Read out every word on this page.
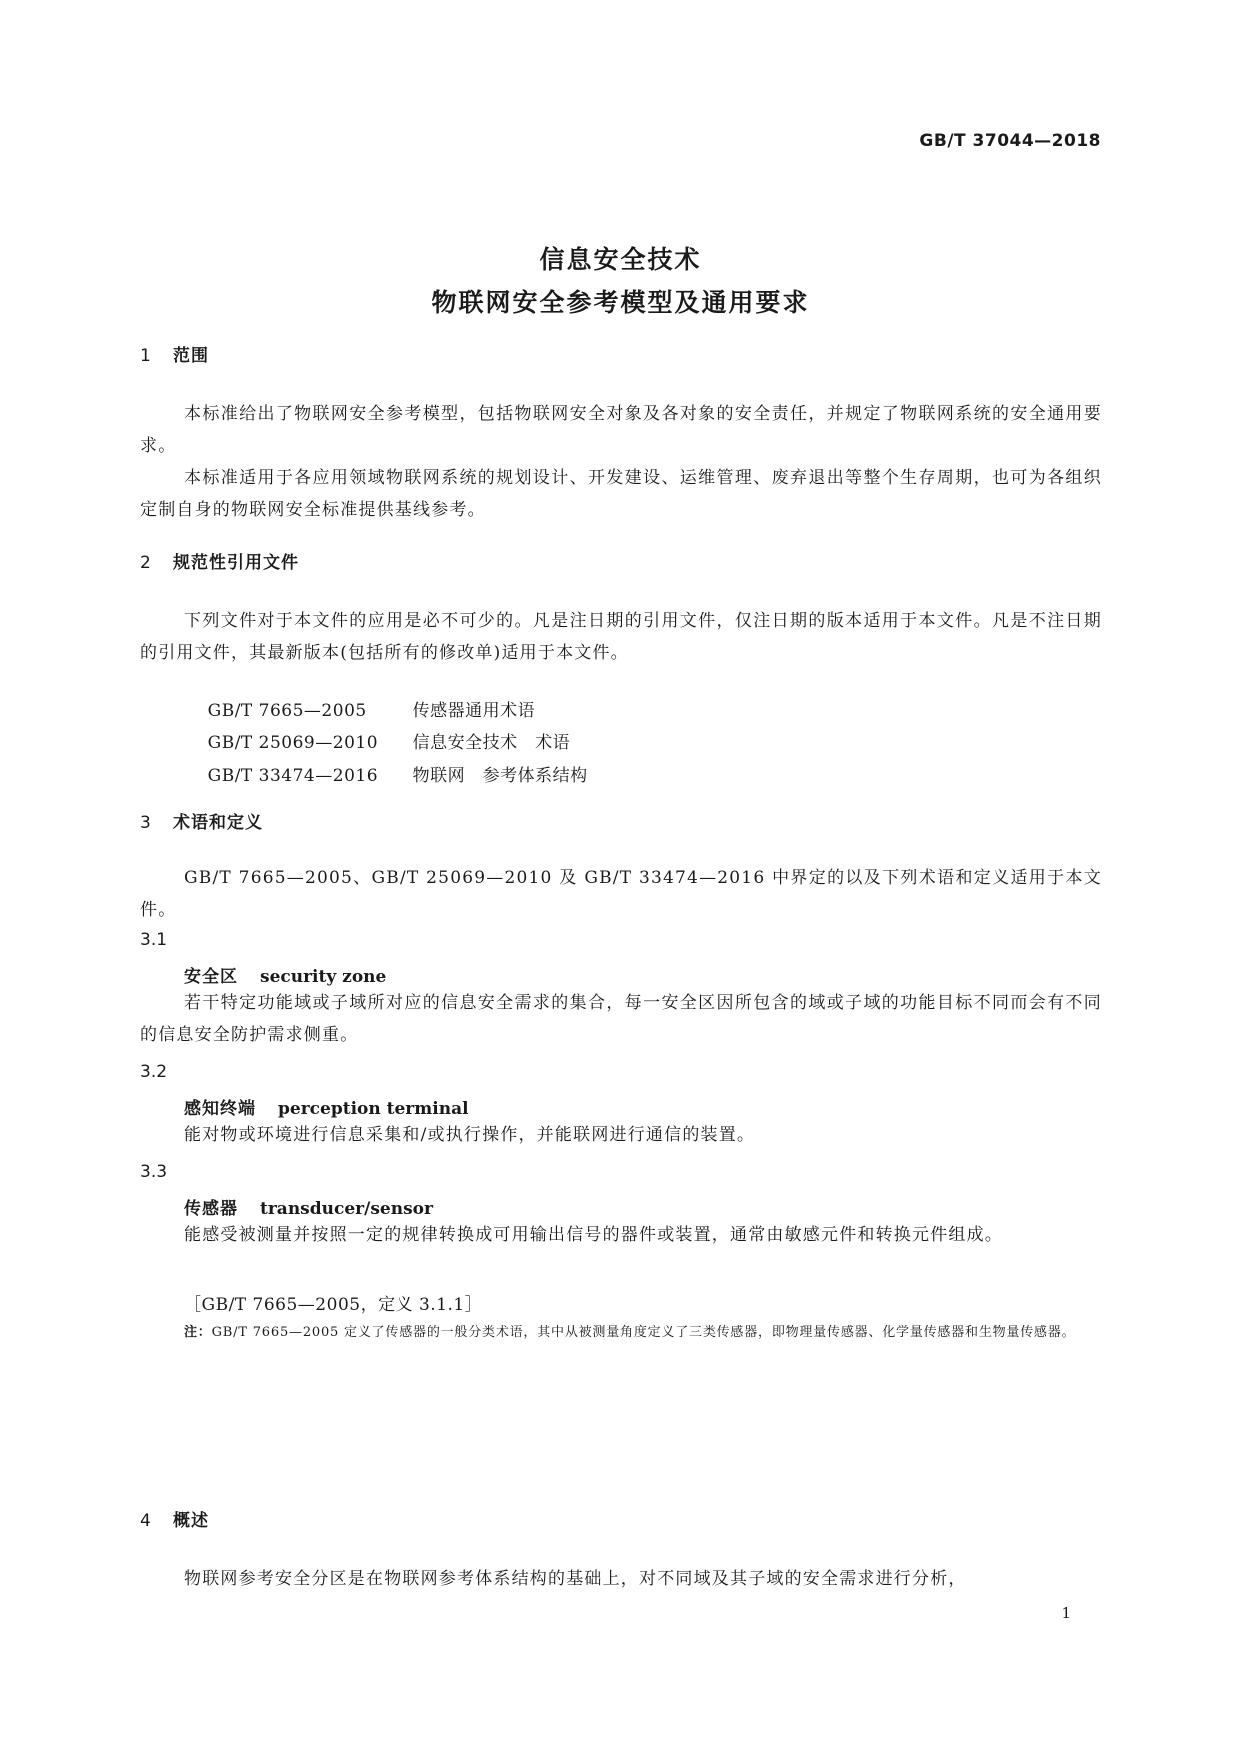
GB/T 37044—2018
信息安全技术
物联网安全参考模型及通用要求
1 范围
本标准给出了物联网安全参考模型，包括物联网安全对象及各对象的安全责任，并规定了物联网系统的安全通用要求。
本标准适用于各应用领域物联网系统的规划设计、开发建设、运维管理、废弃退出等整个生存周期，也可为各组织定制自身的物联网安全标准提供基线参考。
2 规范性引用文件
下列文件对于本文件的应用是必不可少的。凡是注日期的引用文件，仅注日期的版本适用于本文件。凡是不注日期的引用文件，其最新版本(包括所有的修改单)适用于本文件。

GB/T 7665—2005	传感器通用术语

GB/T 25069—2010 信息安全技术　术语

GB/T 33474—2016 物联网　参考体系结构

3 术语和定义
GB/T 7665—2005、GB/T 25069—2010 及 GB/T 33474—2016 中界定的以及下列术语和定义适用于本文件。
3.1
安全区 security zone
若干特定功能域或子域所对应的信息安全需求的集合，每一安全区因所包含的域或子域的功能目标不同而会有不同的信息安全防护需求侧重。
3.2
感知终端 perception terminal
能对物或环境进行信息采集和/或执行操作，并能联网进行通信的装置。
3.3
传感器 transducer/sensor
能感受被测量并按照一定的规律转换成可用输出信号的器件或装置，通常由敏感元件和转换元件组成。
［GB/T 7665—2005，定义 3.1.1］
注：GB/T 7665—2005 定义了传感器的一般分类术语，其中从被测量角度定义了三类传感器，即物理量传感器、化学量传感器和生物量传感器。
4 概述
物联网参考安全分区是在物联网参考体系结构的基础上，对不同域及其子域的安全需求进行分析，
1
